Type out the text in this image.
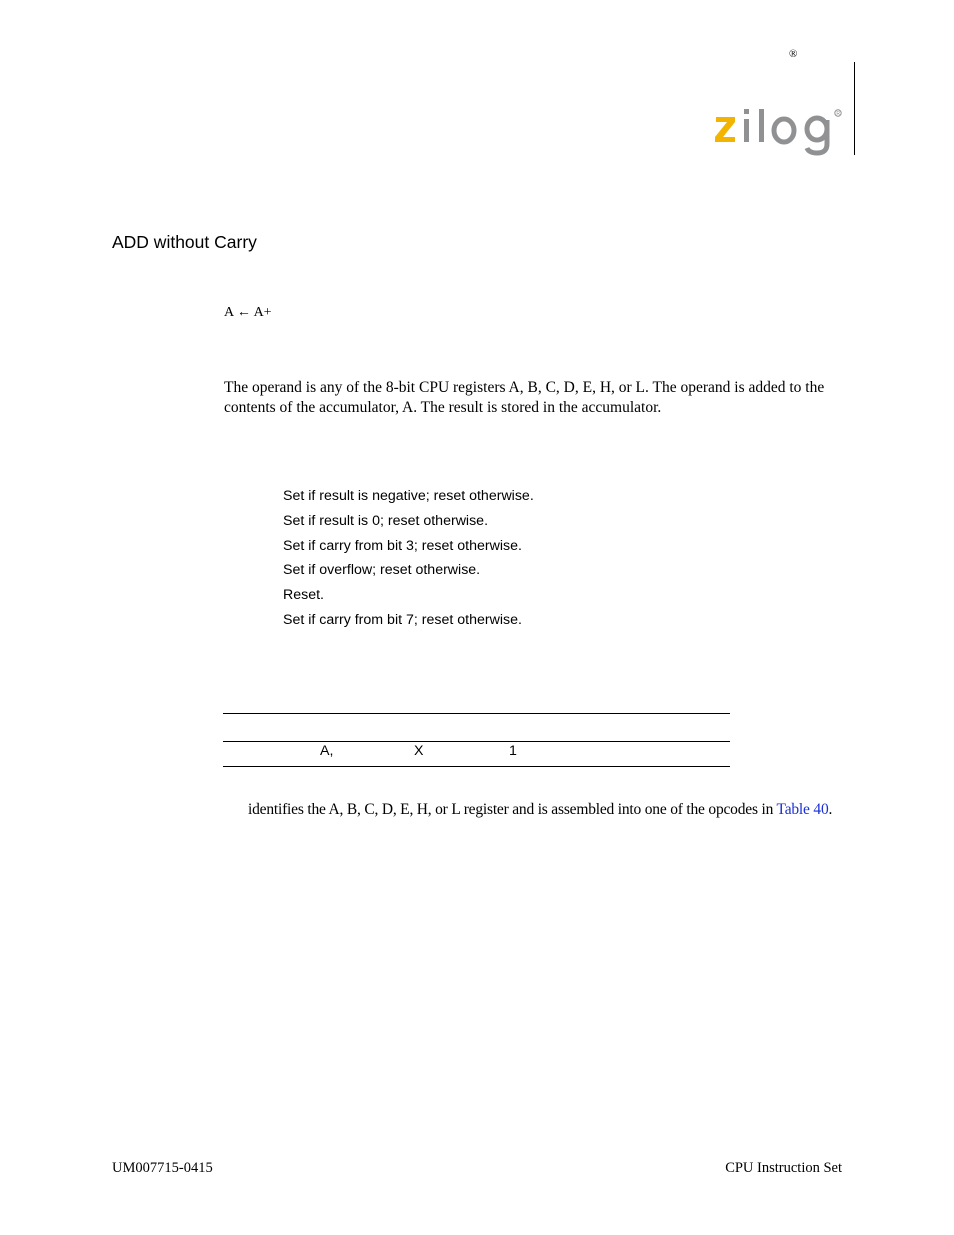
®
R
ADD without Carry
A ← A+
The operand is any of the 8-bit CPU registers A, B, C, D, E, H, or L. The operand is added to the contents of the accumulator, A. The result is stored in the accumulator.
Set if result is negative; reset otherwise.
Set if result is 0; reset otherwise.
Set if carry from bit 3; reset otherwise.
Set if overflow; reset otherwise.
Reset.
Set if carry from bit 7; reset otherwise.
A,	X	1
identifies the A, B, C, D, E, H, or L register and is assembled into one of the opcodes in Table 40.
UM007715-0415	CPU Instruction Set
